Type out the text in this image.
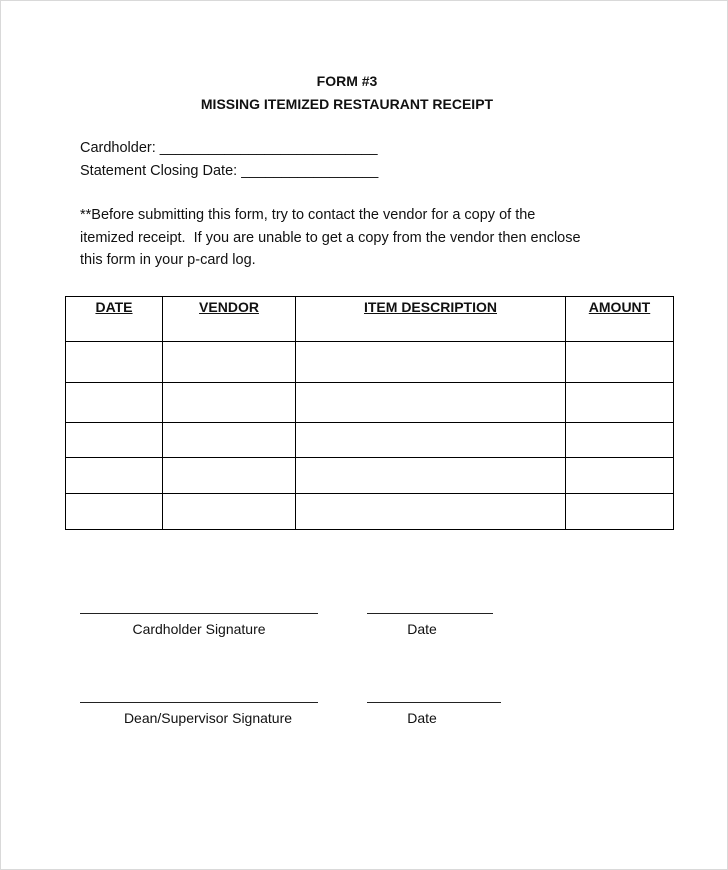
FORM #3
MISSING ITEMIZED RESTAURANT RECEIPT
Cardholder: ___________________________
Statement Closing Date: _________________
**Before submitting this form, try to contact the vendor for a copy of the
itemized receipt.  If you are unable to get a copy from the vendor then enclose
this form in your p-card log.
DATE	VENDOR	ITEM DESCRIPTION	AMOUNT

Cardholder Signature	Date
Dean/Supervisor Signature	Date
